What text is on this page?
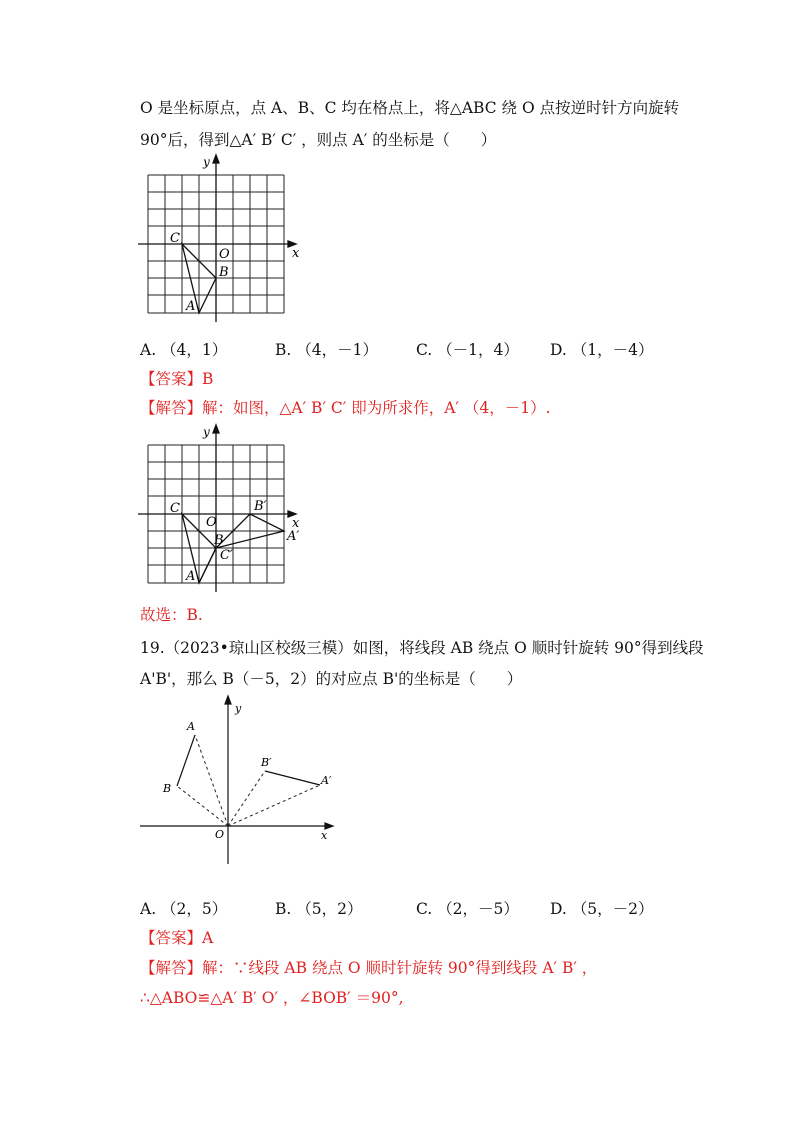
O 是坐标原点，点 A、B、C 均在格点上，将△ABC 绕 O 点按逆时针方向旋转
90°后，得到△A′ B′ C′ ，则点 A′ 的坐标是（　　）
y
x
C
O
B
A
A. （4，1）	B. （4，－1） C. （－1，4） D. （1，－4）
【答案】B
【解答】解：如图，△A′ B′ C′ 即为所求作，A′ （4，－1）.
y
x
C
O
B
A
B′
A′
C′
故选：B.
19.（2023•琼山区校级三模）如图，将线段 AB 绕点 O 顺时针旋转 90°得到线段
A'B'，那么 B（－5，2）的对应点 B'的坐标是（　　）
y
x
O
A
B
B′
A′
A. （2，5）	B. （5，2）	C. （2，－5） D. （5，－2）
【答案】A
【解答】解：∵线段 AB 绕点 O 顺时针旋转 90°得到线段 A′ B′ ，
∴△ABO≌△A′ B′ O′ ，∠BOB′ ＝90°,
